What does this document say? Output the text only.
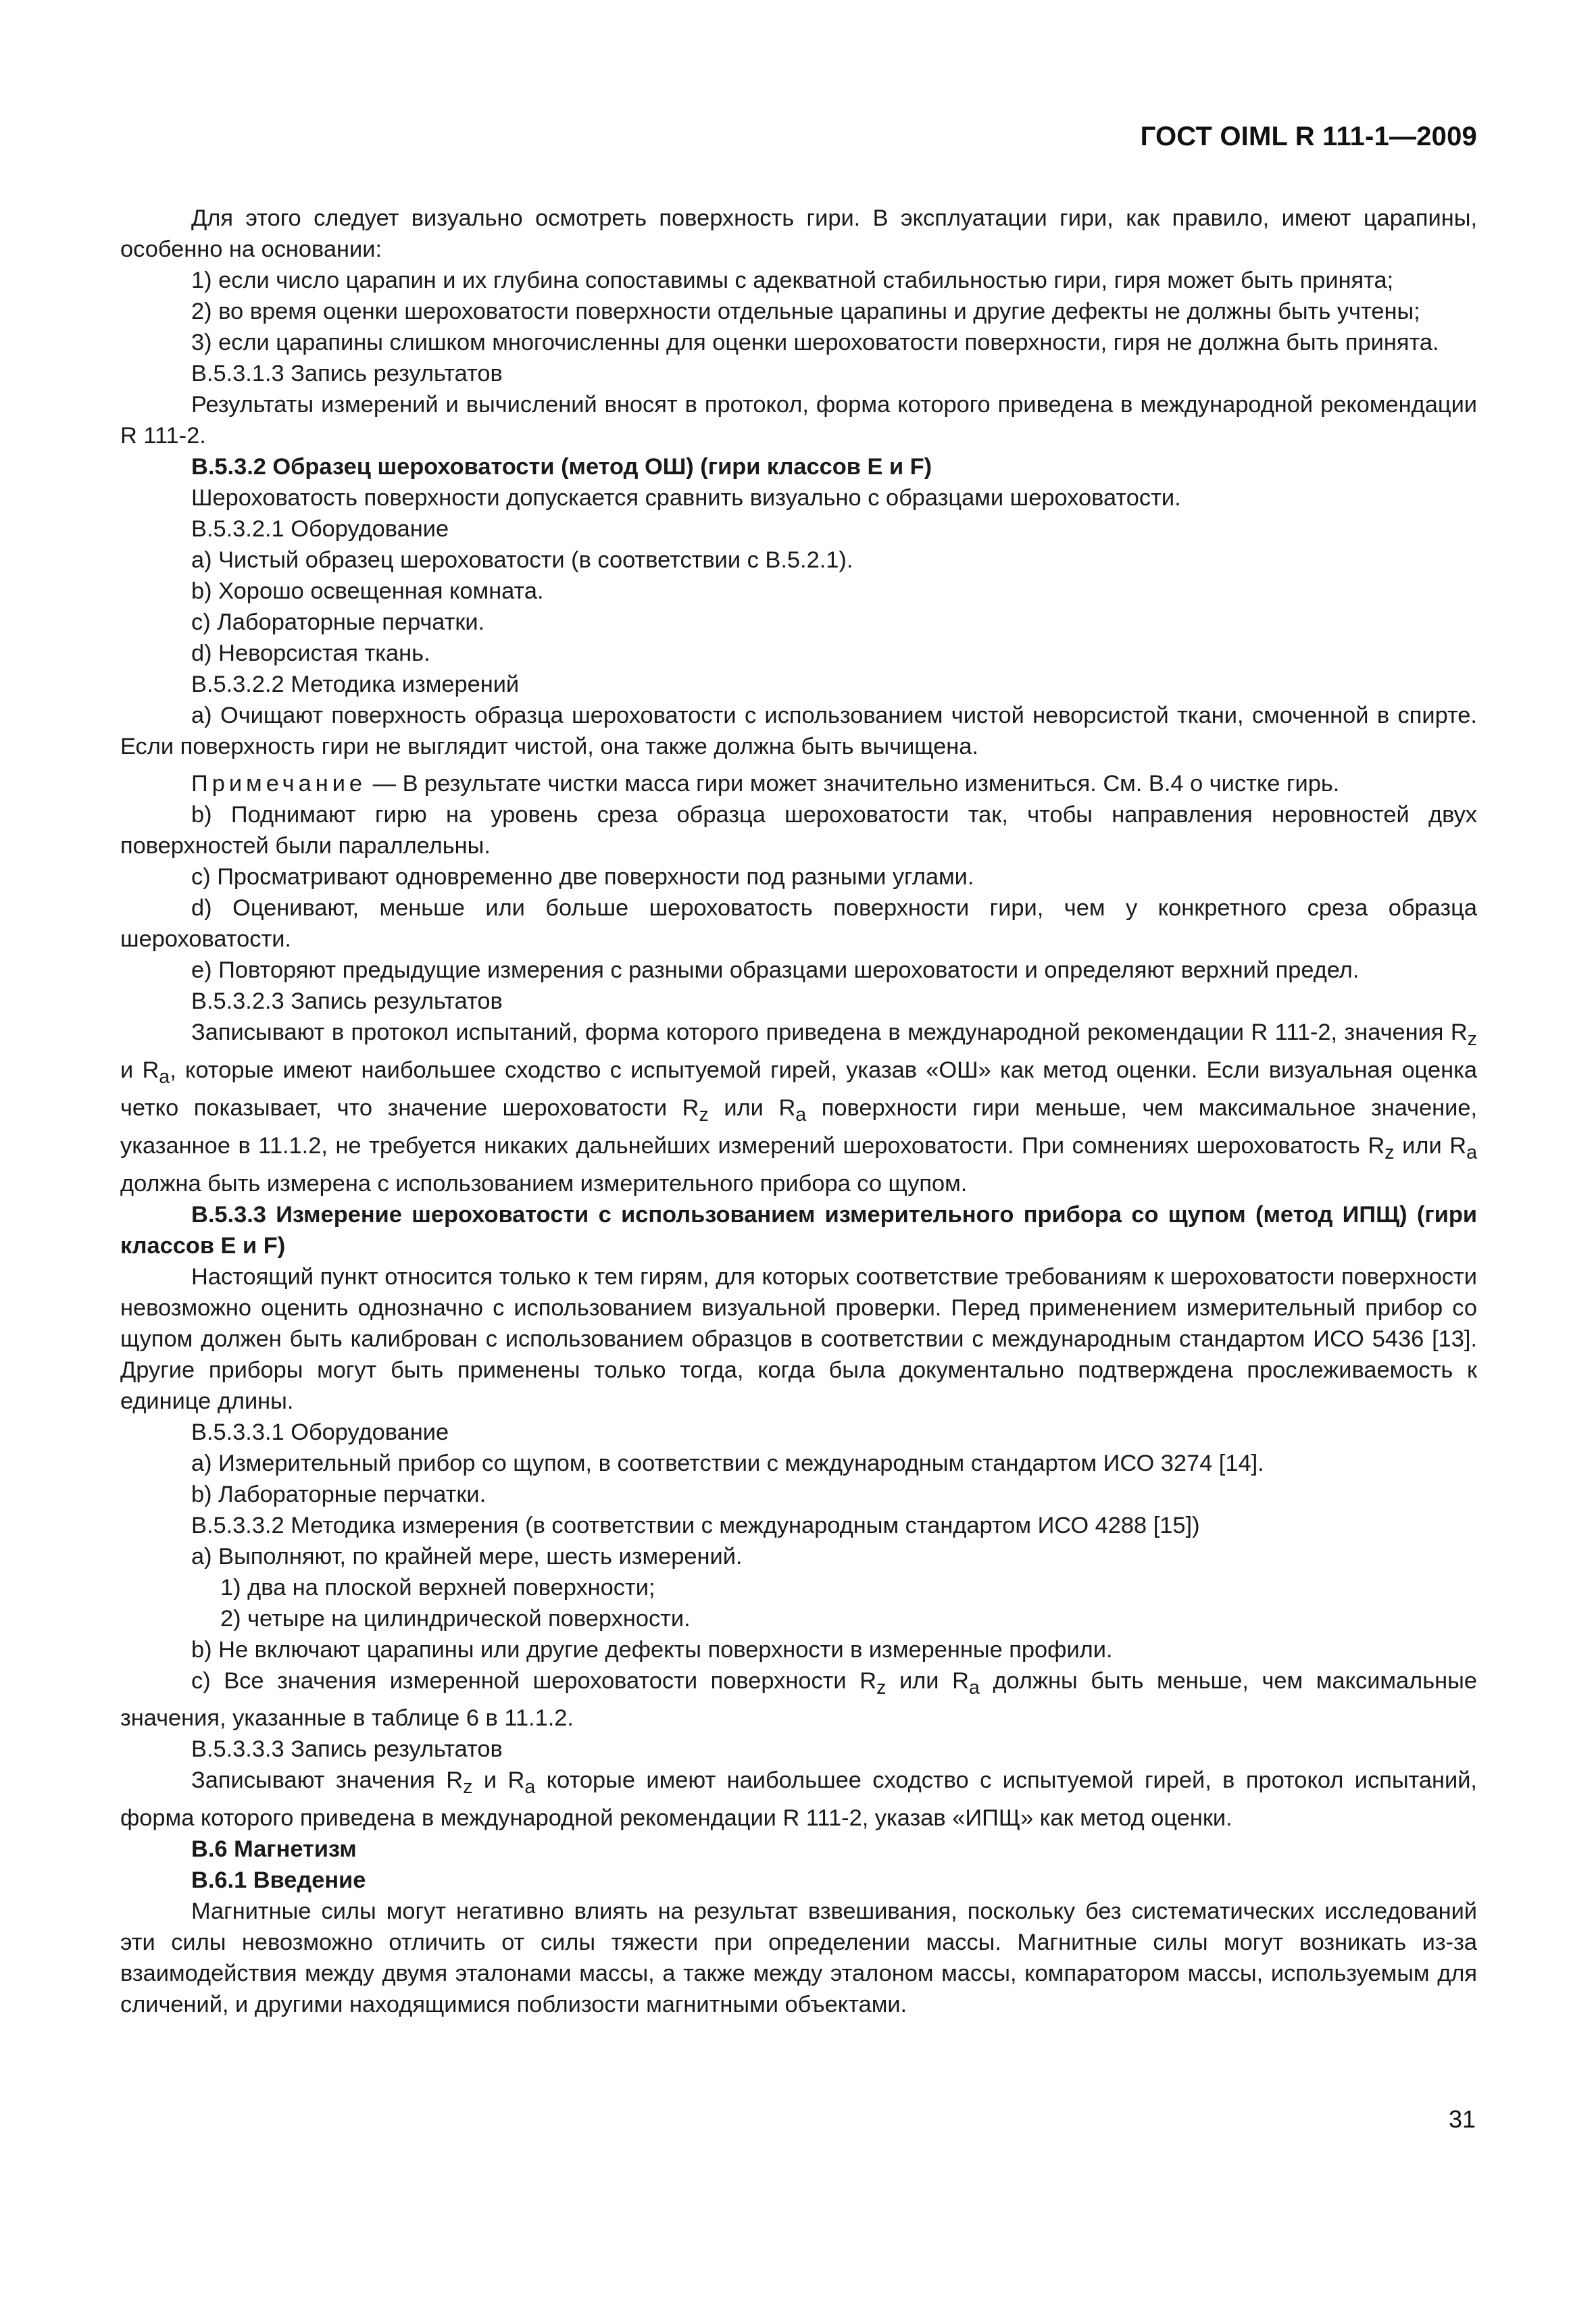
ГОСТ OIML R 111-1—2009

Для этого следует визуально осмотреть поверхность гири. В эксплуатации гири, как правило, имеют царапины, особенно на основании:

1) если число царапин и их глубина сопоставимы с адекватной стабильностью гири, гиря может быть принята;

2) во время оценки шероховатости поверхности отдельные царапины и другие дефекты не должны быть учтены;

3) если царапины слишком многочисленны для оценки шероховатости поверхности, гиря не должна быть принята.

В.5.3.1.3 Запись результатов

Результаты измерений и вычислений вносят в протокол, форма которого приведена в международной рекомендации R 111-2.

В.5.3.2 Образец шероховатости (метод ОШ) (гири классов Е и F)

Шероховатость поверхности допускается сравнить визуально с образцами шероховатости.

В.5.3.2.1 Оборудование

а) Чистый образец шероховатости (в соответствии с В.5.2.1).

b) Хорошо освещенная комната.

с) Лабораторные перчатки.

d) Неворсистая ткань.

В.5.3.2.2 Методика измерений

а) Очищают поверхность образца шероховатости с использованием чистой неворсистой ткани, смоченной в спирте. Если поверхность гири не выглядит чистой, она также должна быть вычищена.

Примечание — В результате чистки масса гири может значительно измениться. См. В.4 о чистке гирь.

b) Поднимают гирю на уровень среза образца шероховатости так, чтобы направления неровностей двух поверхностей были параллельны.

с) Просматривают одновременно две поверхности под разными углами.

d) Оценивают, меньше или больше шероховатость поверхности гири, чем у конкретного среза образца шероховатости.

е) Повторяют предыдущие измерения с разными образцами шероховатости и определяют верхний предел.

В.5.3.2.3 Запись результатов

Записывают в протокол испытаний, форма которого приведена в международной рекомендации R 111-2, значения $R_z$ и $R_a$, которые имеют наибольшее сходство с испытуемой гирей, указав «ОШ» как метод оценки. Если визуальная оценка четко показывает, что значение шероховатости $R_z$ или $R_a$ поверхности гири меньше, чем максимальное значение, указанное в 11.1.2, не требуется никаких дальнейших измерений шероховатости. При сомнениях шероховатость $R_z$ или $R_a$ должна быть измерена с использованием измерительного прибора со щупом.

В.5.3.3 Измерение шероховатости с использованием измерительного прибора со щупом (метод ИПЩ) (гири классов Е и F)

Настоящий пункт относится только к тем гирям, для которых соответствие требованиям к шероховатости поверхности невозможно оценить однозначно с использованием визуальной проверки. Перед применением измерительный прибор со щупом должен быть калиброван с использованием образцов в соответствии с международным стандартом ИСО 5436 [13]. Другие приборы могут быть применены только тогда, когда была документально подтверждена прослеживаемость к единице длины.

В.5.3.3.1 Оборудование

а) Измерительный прибор со щупом, в соответствии с международным стандартом ИСО 3274 [14].

b) Лабораторные перчатки.

В.5.3.3.2 Методика измерения (в соответствии с международным стандартом ИСО 4288 [15])

а) Выполняют, по крайней мере, шесть измерений.

1) два на плоской верхней поверхности;

2) четыре на цилиндрической поверхности.

b) Не включают царапины или другие дефекты поверхности в измеренные профили.

с) Все значения измеренной шероховатости поверхности $R_z$ или $R_a$ должны быть меньше, чем максимальные значения, указанные в таблице 6 в 11.1.2.

В.5.3.3.3 Запись результатов

Записывают значения $R_z$ и $R_a$ которые имеют наибольшее сходство с испытуемой гирей, в протокол испытаний, форма которого приведена в международной рекомендации R 111-2, указав «ИПЩ» как метод оценки.

В.6 Магнетизм

В.6.1 Введение

Магнитные силы могут негативно влиять на результат взвешивания, поскольку без систематических исследований эти силы невозможно отличить от силы тяжести при определении массы. Магнитные силы могут возникать из-за взаимодействия между двумя эталонами массы, а также между эталоном массы, компаратором массы, используемым для сличений, и другими находящимися поблизости магнитными объектами.

31
